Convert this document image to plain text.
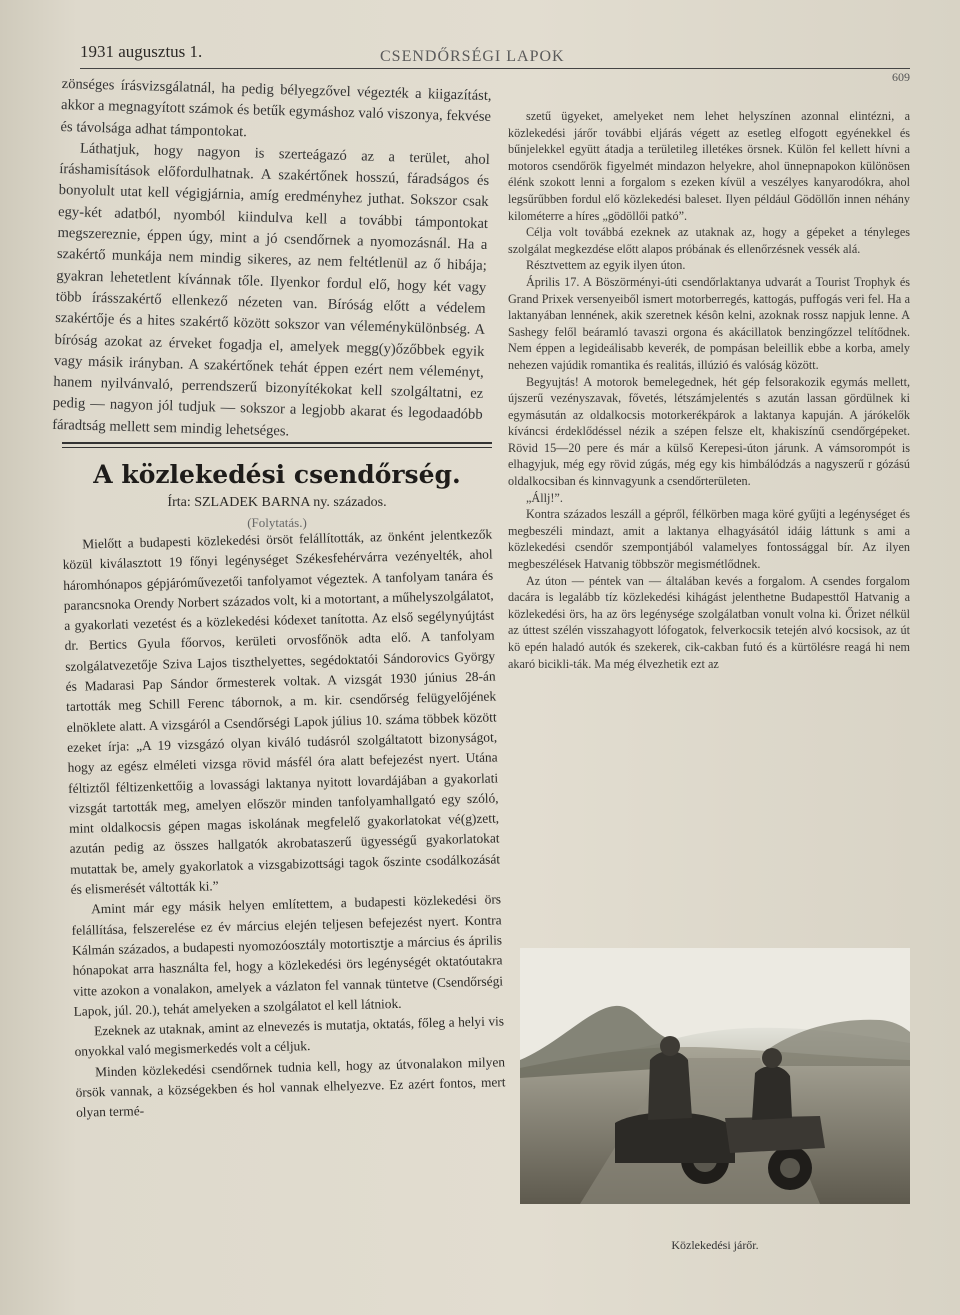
1931 augusztus 1.	CSENDŐRSÉGI LAPOK
609

zönséges írásvizsgálatnál, ha pedig bélyegzővel végezték a kiigazítást, akkor a megnagyított számok és betűk egymáshoz való viszonya, fekvése és távolsága adhat támpontokat.

Láthatjuk, hogy nagyon is szerteágazó az a terület, ahol íráshamisítások előfordulhatnak. A szakértőnek hosszú, fáradságos és bonyolult utat kell végigjárnia, amíg eredményhez juthat. Sokszor csak egy-két adatból, nyomból kiindulva kell a további támpontokat megszereznie, éppen úgy, mint a jó csendőrnek a nyomozásnál. Ha a szakértő munkája nem mindig sikeres, az nem feltétlenül az ő hibája; gyakran lehetetlent kívánnak tőle. Ilyenkor fordul elő, hogy két vagy több írásszakértő ellenkező nézeten van. Bíróság előtt a védelem szakértője és a hites szakértő között sokszor van véleménykülönbség. A bíróság azokat az érveket fogadja el, amelyek megg(y)őzőbbek egyik vagy másik irányban. A szakértőnek tehát éppen ezért nem véleményt, hanem nyilvánvaló, perrendszerű bizonyítékokat kell szolgáltatni, ez pedig — nagyon jól tudjuk — sokszor a legjobb akarat és legodaadóbb fáradtság mellett sem mindig lehetséges.

A közlekedési csendőrség.
Írta: SZLADEK BARNA ny. százados.
(Folytatás.)

Mielőtt a budapesti közlekedési örsöt felállították, az önként jelentkezők közül kiválasztott 19 főnyi legénységet Székesfehérvárra vezényelték, ahol háromhónapos gépjáróművezetői tanfolyamot végeztek. A tanfolyam tanára és parancsnoka Orendy Norbert százados volt, ki a motortant, a műhelyszolgálatot, a gyakorlati vezetést és a közlekedési kódexet tanította. Az első segélynyújtást dr. Bertics Gyula főorvos, kerületi orvosfőnök adta elő. A tanfolyam szolgálatvezetője Sziva Lajos tiszthelyettes, segédoktatói Sándorovics György és Madarasi Pap Sándor őrmesterek voltak. A vizsgát 1930 június 28-án tartották meg Schill Ferenc tábornok, a m. kir. csendőrség felügyelőjének elnöklete alatt. A vizsgáról a Csendőrségi Lapok július 10. száma többek között ezeket írja: „A 19 vizsgázó olyan kiváló tudásról szolgáltatott bizonyságot, hogy az egész elméleti vizsga rövid másfél óra alatt befejezést nyert. Utána féltiztől féltizenkettőig a lovassági laktanya nyitott lovardájában a gyakorlati vizsgát tartották meg, amelyen először minden tanfolyamhallgató egy szóló, mint oldalkocsis gépen magas iskolának megfelelő gyakorlatokat vé(g)zett, azután pedig az összes hallgatók akrobataszerű ügyességű gyakorlatokat mutattak be, amely gyakorlatok a vizsgabizottsági tagok őszinte csodálkozását és elismerését váltották ki.”

Amint már egy másik helyen említettem, a budapesti közlekedési örs felállítása, felszerelése ez év március elején teljesen befejezést nyert. Kontra Kálmán százados, a budapesti nyomozóosztály motortisztje a március és április hónapokat arra használta fel, hogy a közlekedési örs legénységét oktatóutakra vitte azokon a vonalakon, amelyek a vázlaton fel vannak tüntetve (Csendőrségi Lapok, júl. 20.), tehát amelyeken a szolgálatot el kell látniok.

Ezeknek az utaknak, amint az elnevezés is mutatja, oktatás, főleg a helyi vis onyokkal való megismerkedés volt a céljuk.

Minden közlekedési csendőrnek tudnia kell, hogy az útvonalakon milyen örsök vannak, a községekben és hol vannak elhelyezve. Ez azért fontos, mert olyan termé-

szetű ügyeket, amelyeket nem lehet helyszínen azonnal elintézni, a közlekedési járőr további eljárás végett az esetleg elfogott egyénekkel és bűnjelekkel együtt átadja a területileg illetékes örsnek. Külön fel kellett hívni a motoros csendőrök figyelmét mindazon helyekre, ahol ünnepnapokon különösen élénk szokott lenni a forgalom s ezeken kívül a veszélyes kanyarodókra, ahol legsűrűbben fordul elő közlekedési baleset. Ilyen például Gödöllőn innen néhány kilométerre a híres „gödöllői patkó”.

Célja volt továbbá ezeknek az utaknak az, hogy a gépeket a tényleges szolgálat megkezdése előtt alapos próbának és ellenőrzésnek vessék alá.

Résztvettem az egyik ilyen úton.

Április 17. A Böszörményi-úti csendőrlaktanya udvarát a Tourist Trophyk és Grand Prixek versenyeiből ismert motorberregés, kattogás, puffogás veri fel. Ha a laktanyában lennének, akik szeretnek késôn kelni, azoknak rossz napjuk lenne. A Sashegy felől beáramló tavaszi orgona és akácillatok benzingőzzel telítődnek. Nem éppen a legideálisabb keverék, de pompásan beleillik ebbe a korba, amely nehezen vajúdik romantika és realitás, illúzió és valóság között.

Begyujtás! A motorok bemelegednek, hét gép felsorakozik egymás mellett, újszerű vezényszavak, fővetés, létszámjelentés s azután lassan gördülnek ki egymásután az oldalkocsis motorkerékpárok a laktanya kapuján. A járókelők kíváncsi érdeklődéssel nézik a szépen felsze elt, khakiszínű csendőrgépeket. Rövid 15—20 pere és már a külső Kerepesi-úton járunk. A vámsorompót is elhagyjuk, még egy rövid zúgás, még egy kis himbálódzás a nagyszerű r gózású oldalkocsiban és kinnvagyunk a csendőrterületen.

„Állj!”.

Kontra százados leszáll a gépről, félkörben maga köré gyűjti a legénységet és megbeszéli mindazt, amit a laktanya elhagyásától idáig láttunk s ami a közlekedési csendőr szempontjából valamelyes fontossággal bír. Az ilyen megbeszélések Hatvanig többször megismétlődnek.

Az úton — péntek van — általában kevés a forgalom. A csendes forgalom dacára is legalább tíz közlekedési kihágást jelenthetne Budapesttől Hatvanig a közlekedési örs, ha az örs legénysége szolgálatban vonult volna ki. Őrizet nélkül az úttest szélén visszahagyott lófogatok, felverkocsik tetején alvó kocsisok, az út kö epén haladó autók és szekerek, cik-cakban futó és a kürtölésre reagá hi nem akaró bicikli-ták. Ma még élvezhetik ezt az

Közlekedési járőr.
